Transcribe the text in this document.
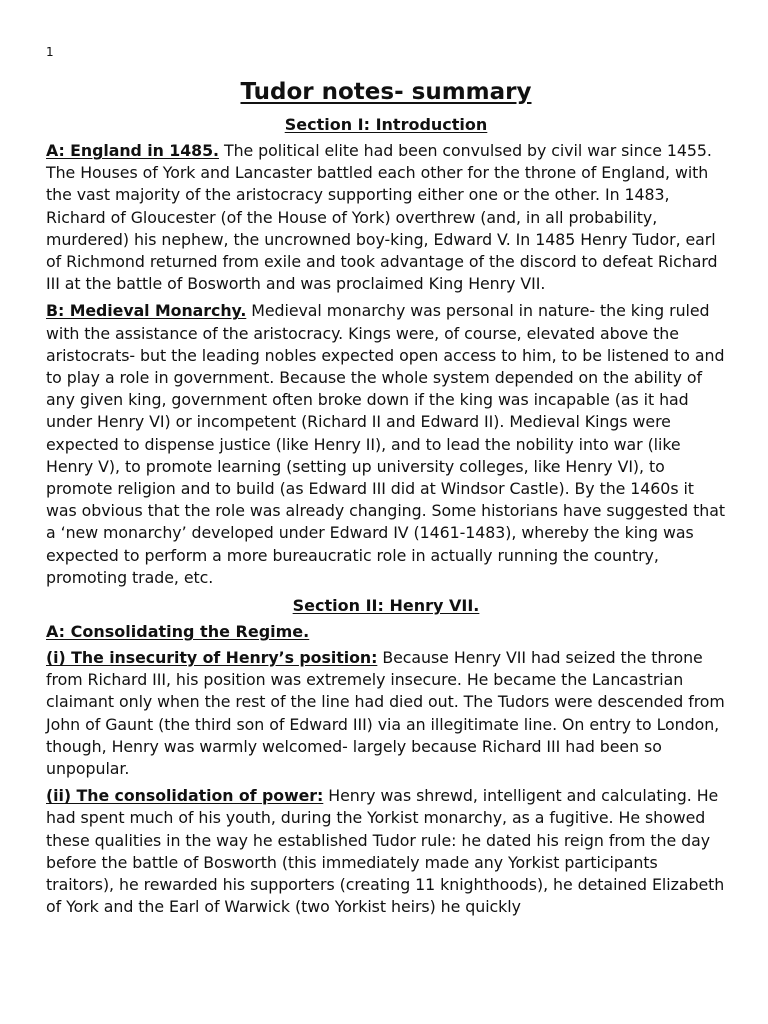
1
Tudor notes- summary
Section I: Introduction

A: England in 1485. The political elite had been convulsed by civil war since 1455. The Houses of York and Lancaster battled each other for the throne of England, with the vast majority of the aristocracy supporting either one or the other. In 1483, Richard of Gloucester (of the House of York) overthrew (and, in all probability, murdered) his nephew, the uncrowned boy-king, Edward V. In 1485 Henry Tudor, earl of Richmond returned from exile and took advantage of the discord to defeat Richard III at the battle of Bosworth and was proclaimed King Henry VII.

B: Medieval Monarchy. Medieval monarchy was personal in nature- the king ruled with the assistance of the aristocracy. Kings were, of course, elevated above the aristocrats- but the leading nobles expected open access to him, to be listened to and to play a role in government. Because the whole system depended on the ability of any given king, government often broke down if the king was incapable (as it had under Henry VI) or incompetent (Richard II and Edward II). Medieval Kings were expected to dispense justice (like Henry II), and to lead the nobility into war (like Henry V), to promote learning (setting up university colleges, like Henry VI), to promote religion and to build (as Edward III did at Windsor Castle). By the 1460s it was obvious that the role was already changing. Some historians have suggested that a ‘new monarchy’ developed under Edward IV (1461-1483), whereby the king was expected to perform a more bureaucratic role in actually running the country, promoting trade, etc.

Section II: Henry VII.
A: Consolidating the Regime.

(i) The insecurity of Henry’s position: Because Henry VII had seized the throne from Richard III, his position was extremely insecure. He became the Lancastrian claimant only when the rest of the line had died out. The Tudors were descended from John of Gaunt (the third son of Edward III) via an illegitimate line. On entry to London, though, Henry was warmly welcomed- largely because Richard III had been so unpopular.

(ii) The consolidation of power: Henry was shrewd, intelligent and calculating. He had spent much of his youth, during the Yorkist monarchy, as a fugitive. He showed these qualities in the way he established Tudor rule: he dated his reign from the day before the battle of Bosworth (this immediately made any Yorkist participants traitors), he rewarded his supporters (creating 11 knighthoods), he detained Elizabeth of York and the Earl of Warwick (two Yorkist heirs) he quickly
